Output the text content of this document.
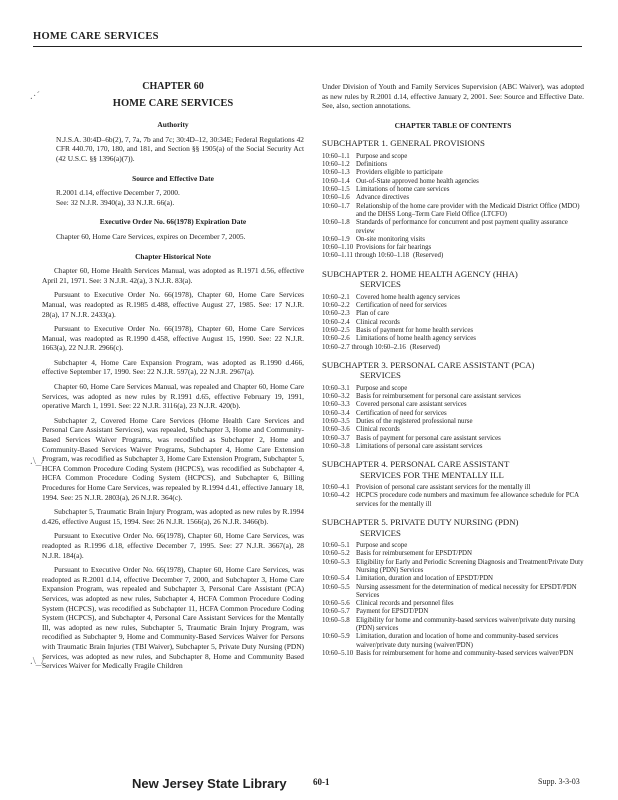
HOME CARE SERVICES
.·´
.\_/
.\_/
CHAPTER 60
HOME CARE SERVICES
Authority
N.J.S.A. 30:4D–6b(2), 7, 7a, 7b and 7c; 30:4D–12, 30:34E; Federal Regulations 42 CFR 440.70, 170, 180, and 181, and Section §§ 1905(a) of the Social Security Act (42 U.S.C. §§ 1396(a)(7)).
Source and Effective Date
R.2001 d.14, effective December 7, 2000.
See: 32 N.J.R. 3940(a), 33 N.J.R. 66(a).
Executive Order No. 66(1978) Expiration Date
Chapter 60, Home Care Services, expires on December 7, 2005.
Chapter Historical Note

Chapter 60, Home Health Services Manual, was adopted as R.1971 d.56, effective April 21, 1971. See: 3 N.J.R. 42(a), 3 N.J.R. 83(a).

Pursuant to Executive Order No. 66(1978), Chapter 60, Home Care Services Manual, was readopted as R.1985 d.488, effective August 27, 1985. See: 17 N.J.R. 28(a), 17 N.J.R. 2433(a).

Pursuant to Executive Order No. 66(1978), Chapter 60, Home Care Services Manual, was readopted as R.1990 d.458, effective August 15, 1990. See: 22 N.J.R. 1663(a), 22 N.J.R. 2966(c).

Subchapter 4, Home Care Expansion Program, was adopted as R.1990 d.466, effective September 17, 1990. See: 22 N.J.R. 597(a), 22 N.J.R. 2967(a).

Chapter 60, Home Care Services Manual, was repealed and Chapter 60, Home Care Services, was adopted as new rules by R.1991 d.65, effective February 19, 1991, operative March 1, 1991. See: 22 N.J.R. 3116(a), 23 N.J.R. 420(b).

Subchapter 2, Covered Home Care Services (Home Health Care Services and Personal Care Assistant Services), was repealed, Subchapter 3, Home and Community-Based Services Waiver Programs, was recodified as Subchapter 2, Home and Community-Based Services Waiver Programs, Subchapter 4, Home Care Extension Program, was recodified as Subchapter 3, Home Care Extension Program, Subchapter 5, HCFA Common Procedure Coding System (HCPCS), was recodified as Subchapter 4, HCFA Common Procedure Coding System (HCPCS), and Subchapter 6, Billing Procedures for Home Care Services, was repealed by R.1994 d.41, effective January 18, 1994. See: 25 N.J.R. 2803(a), 26 N.J.R. 364(c).

Subchapter 5, Traumatic Brain Injury Program, was adopted as new rules by R.1994 d.426, effective August 15, 1994. See: 26 N.J.R. 1566(a), 26 N.J.R. 3466(b).

Pursuant to Executive Order No. 66(1978), Chapter 60, Home Care Services, was readopted as R.1996 d.18, effective December 7, 1995. See: 27 N.J.R. 3667(a), 28 N.J.R. 184(a).

Pursuant to Executive Order No. 66(1978), Chapter 60, Home Care Services, was readopted as R.2001 d.14, effective December 7, 2000, and Subchapter 3, Home Care Expansion Program, was repealed and Subchapter 3, Personal Care Assistant (PCA) Services, was adopted as new rules, Subchapter 4, HCFA Common Procedure Coding System (HCPCS), was recodified as Subchapter 11, HCFA Common Procedure Coding System (HCPCS), and Subchapter 4, Personal Care Assistant Services for the Mentally Ill, was adopted as new rules, Subchapter 5, Traumatic Brain Injury Program, was recodified as Subchapter 9, Home and Community-Based Services Waiver for Persons with Traumatic Brain Injuries (TBI Waiver), Subchapter 5, Private Duty Nursing (PDN) Services, was adopted as new rules, and Subchapter 8, Home and Community Based Services Waiver for Medically Fragile Children

Under Division of Youth and Family Services Supervision (ABC Waiver), was adopted as new rules by R.2001 d.14, effective January 2, 2001. See: Source and Effective Date. See, also, section annotations.

CHAPTER TABLE OF CONTENTS
SUBCHAPTER 1. GENERAL PROVISIONS
10:60–1.1 Purpose and scope
10:60–1.2 Definitions
10:60–1.3 Providers eligible to participate
10:60–1.4 Out-of-State approved home health agencies
10:60–1.5 Limitations of home care services
10:60–1.6 Advance directives
10:60–1.7 Relationship of the home care provider with the Medicaid District Office (MDO) and the DHSS Long–Term Care Field Office (LTCFO)
10:60–1.8 Standards of performance for concurrent and post payment quality assurance review
10:60–1.9 On-site monitoring visits
10:60–1.10 Provisions for fair hearings
10:60–1.11 through 10:60–1.18 (Reserved)
SUBCHAPTER 2. HOME HEALTH AGENCY (HHA)
SERVICES
10:60–2.1 Covered home health agency services
10:60–2.2 Certification of need for services
10:60–2.3 Plan of care
10:60–2.4 Clinical records
10:60–2.5 Basis of payment for home health services
10:60–2.6 Limitations of home health agency services
10:60–2.7 through 10:60–2.16 (Reserved)
SUBCHAPTER 3. PERSONAL CARE ASSISTANT (PCA)
SERVICES
10:60–3.1 Purpose and scope
10:60–3.2 Basis for reimbursement for personal care assistant services
10:60–3.3 Covered personal care assistant services
10:60–3.4 Certification of need for services
10:60–3.5 Duties of the registered professional nurse
10:60–3.6 Clinical records
10:60–3.7 Basis of payment for personal care assistant services
10:60–3.8 Limitations of personal care assistant services
SUBCHAPTER 4. PERSONAL CARE ASSISTANT
SERVICES FOR THE MENTALLY ILL
10:60–4.1 Provision of personal care assistant services for the mentally ill
10:60–4.2 HCPCS procedure code numbers and maximum fee allowance schedule for PCA services for the mentally ill
SUBCHAPTER 5. PRIVATE DUTY NURSING (PDN)
SERVICES
10:60–5.1 Purpose and scope
10:60–5.2 Basis for reimbursement for EPSDT/PDN
10:60–5.3 Eligibility for Early and Periodic Screening Diagnosis and Treatment/Private Duty Nursing (PDN) Services
10:60–5.4 Limitation, duration and location of EPSDT/PDN
10:60–5.5 Nursing assessment for the determination of medical necessity for EPSDT/PDN Services
10:60–5.6 Clinical records and personnel files
10:60–5.7 Payment for EPSDT/PDN
10:60–5.8 Eligibility for home and community-based services waiver/private duty nursing (PDN) services
10:60–5.9 Limitation, duration and location of home and community-based services waiver/private duty nursing (waiver/PDN)
10:60–5.10 Basis for reimbursement for home and community-based services waiver/PDN
New Jersey State Library	60-1	Supp. 3-3-03
